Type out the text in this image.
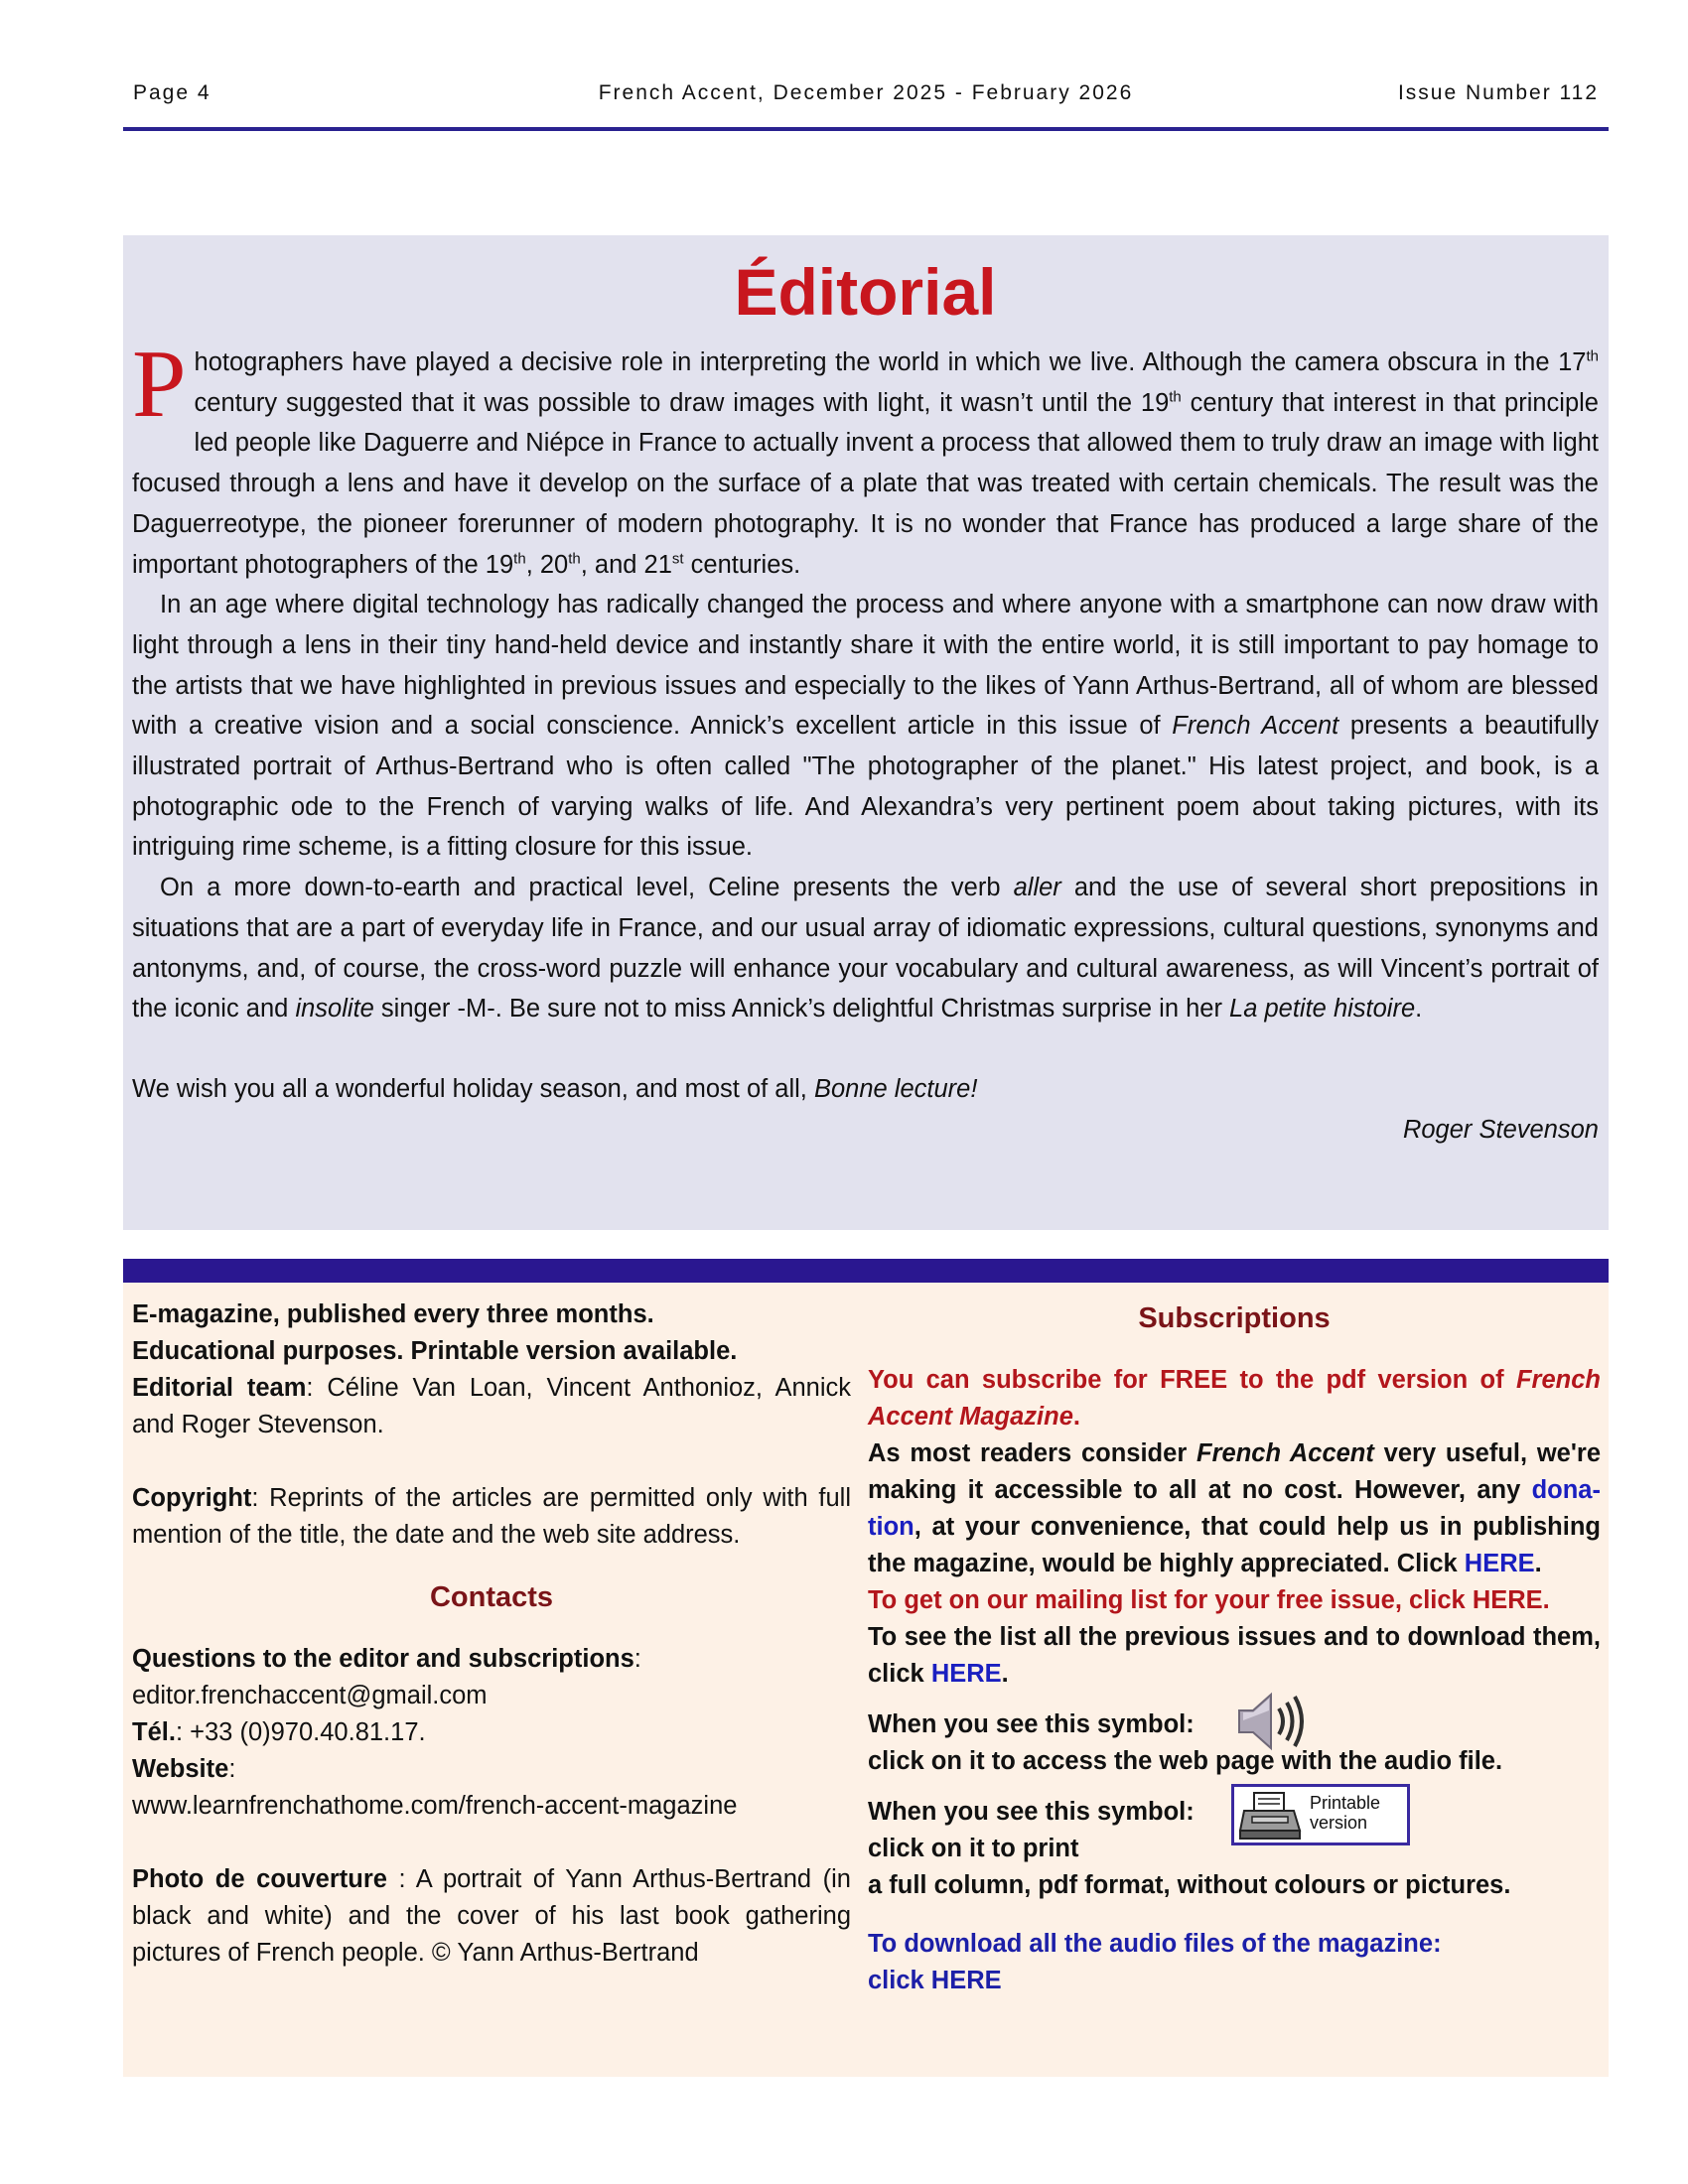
Page 4	French Accent, December 2025 - February 2026	Issue Number 112
Éditorial

Photographers have played a decisive role in interpreting the world in which we live. Although the camera obscura in the 17th century suggested that it was possible to draw images with light, it wasn’t until the 19th century that interest in that principle led people like Daguerre and Niépce in France to actually invent a process that allowed them to truly draw an image with light focused through a lens and have it develop on the surface of a plate that was treated with certain chemicals. The result was the Daguerreotype, the pioneer forerunner of modern photography. It is no wonder that France has produced a large share of the important photographers of the 19th, 20th, and 21st centuries.

In an age where digital technology has radically changed the process and where anyone with a smartphone can now draw with light through a lens in their tiny hand-held device and instantly share it with the entire world, it is still important to pay homage to the artists that we have highlighted in previous issues and especially to the likes of Yann Arthus-Bertrand, all of whom are blessed with a creative vision and a social conscience. Annick’s excellent article in this issue of French Accent presents a beautifully illustrated portrait of Arthus-Bertrand who is often called "The photographer of the planet." His latest project, and book, is a photographic ode to the French of varying walks of life. And Alexandra’s very pertinent poem about taking pictures, with its intriguing rime scheme, is a fitting closure for this issue.

On a more down-to-earth and practical level, Celine presents the verb aller and the use of several short prepositions in situations that are a part of everyday life in France, and our usual array of idiomatic expressions, cultural questions, synonyms and antonyms, and, of course, the cross-word puzzle will enhance your vocabulary and cultural awareness, as will Vincent’s portrait of the iconic and insolite singer -M-. Be sure not to miss Annick’s delightful Christmas surprise in her La petite histoire.

We wish you all a wonderful holiday season, and most of all, Bonne lecture!

Roger Stevenson

E-magazine, published every three months.

Educational purposes. Printable version available.

Editorial team: Céline Van Loan, Vincent Anthonioz, Annick and Roger Stevenson.

Copyright: Reprints of the articles are permitted only with full mention of the title, the date and the web site address.

Contacts

Questions to the editor and subscriptions:

editor.frenchaccent@gmail.com

Tél.: +33 (0)970.40.81.17.

Website:

www.learnfrenchathome.com/french-accent-magazine

Photo de couverture : A portrait of Yann Arthus-Bertrand (in black and white) and the cover of his last book gathering pictures of French people. © Yann Arthus-Bertrand

Subscriptions

You can subscribe for FREE to the pdf version of French Accent Magazine.

As most readers consider French Accent very useful, we're making it accessible to all at no cost. However, any donation, at your convenience, that could help us in publishing the magazine, would be highly appreciated. Click HERE.

To get on our mailing list for your free issue, click HERE.

To see the list all the previous issues and to download them, click HERE.

When you see this symbol:

click on it to access the web page with the audio file.

When you see this symbol:	Printable
version

click on it to print

a full column, pdf format, without colours or pictures.

To download all the audio files of the magazine:

click HERE
